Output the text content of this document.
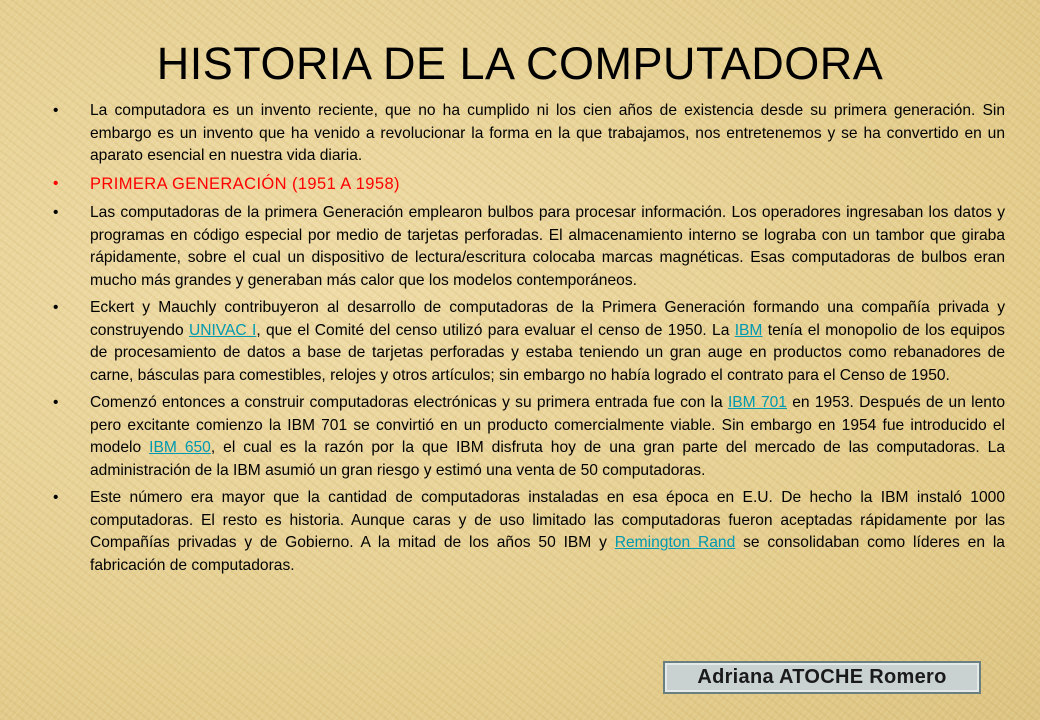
HISTORIA DE LA COMPUTADORA
•	La computadora es un invento reciente, que no ha cumplido ni los cien años de existencia desde su primera generación. Sin embargo es un invento que ha venido a revolucionar la forma en la que trabajamos, nos entretenemos y se ha convertido en un aparato esencial en nuestra vida diaria.
•	PRIMERA GENERACIÓN (1951 A 1958)
•	Las computadoras de la primera Generación emplearon bulbos para procesar información. Los operadores ingresaban los datos y programas en código especial por medio de tarjetas perforadas. El almacenamiento interno se lograba con un tambor que giraba rápidamente, sobre el cual un dispositivo de lectura/escritura colocaba marcas magnéticas. Esas computadoras de bulbos eran mucho más grandes y generaban más calor que los modelos contemporáneos.
•	Eckert y Mauchly contribuyeron al desarrollo de computadoras de la Primera Generación formando una compañía privada y construyendo UNIVAC I, que el Comité del censo utilizó para evaluar el censo de 1950. La IBM tenía el monopolio de los equipos de procesamiento de datos a base de tarjetas perforadas y estaba teniendo un gran auge en productos como rebanadores de carne, básculas para comestibles, relojes y otros artículos; sin embargo no había logrado el contrato para el Censo de 1950.
•	Comenzó entonces a construir computadoras electrónicas y su primera entrada fue con la IBM 701 en 1953. Después de un lento pero excitante comienzo la IBM 701 se convirtió en un producto comercialmente viable. Sin embargo en 1954 fue introducido el modelo IBM 650, el cual es la razón por la que IBM disfruta hoy de una gran parte del mercado de las computadoras. La administración de la IBM asumió un gran riesgo y estimó una venta de 50 computadoras.
•	Este número era mayor que la cantidad de computadoras instaladas en esa época en E.U. De hecho la IBM instaló 1000 computadoras. El resto es historia. Aunque caras y de uso limitado las computadoras fueron aceptadas rápidamente por las Compañías privadas y de Gobierno. A la mitad de los años 50 IBM y Remington Rand se consolidaban como líderes en la fabricación de computadoras.
Adriana ATOCHE Romero
